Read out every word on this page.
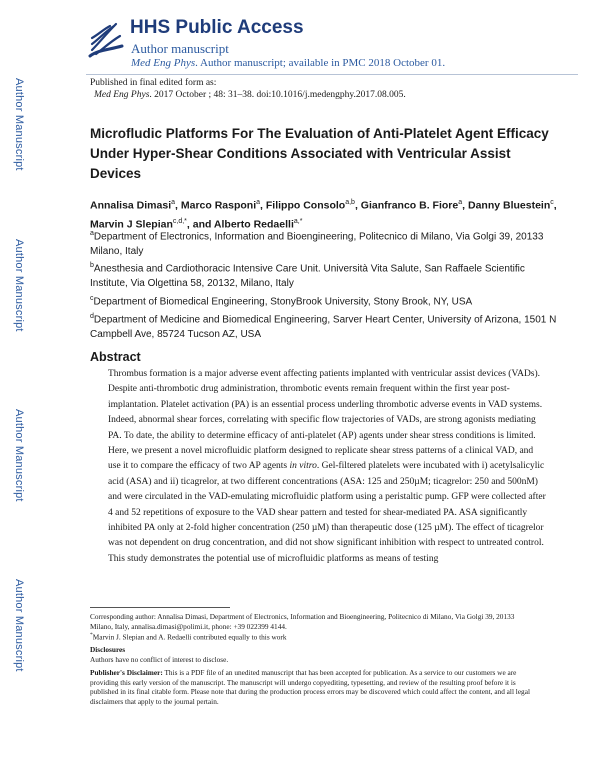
Author Manuscript
Author Manuscript
Author Manuscript
Author Manuscript
HHS Public Access
Author manuscript
Med Eng Phys. Author manuscript; available in PMC 2018 October 01.
Published in final edited form as:
Med Eng Phys. 2017 October ; 48: 31–38. doi:10.1016/j.medengphy.2017.08.005.
Microfludic Platforms For The Evaluation of Anti-Platelet Agent Efficacy Under Hyper-Shear Conditions Associated with Ventricular Assist Devices
Annalisa Dimasi$^a$, Marco Rasponi$^a$, Filippo Consolo$^{a,b}$, Gianfranco B. Fiore$^a$, Danny Bluestein$^c$, Marvin J Slepian$^{c,d,*}$, and Alberto Redaelli$^{a,*}$
$^a$Department of Electronics, Information and Bioengineering, Politecnico di Milano, Via Golgi 39, 20133 Milano, Italy
$^b$Anesthesia and Cardiothoracic Intensive Care Unit. Università Vita Salute, San Raffaele Scientific Institute, Via Olgettina 58, 20132, Milano, Italy
$^c$Department of Biomedical Engineering, StonyBrook University, Stony Brook, NY, USA
$^d$Department of Medicine and Biomedical Engineering, Sarver Heart Center, University of Arizona, 1501 N Campbell Ave, 85724 Tucson AZ, USA
Abstract
Thrombus formation is a major adverse event affecting patients implanted with ventricular assist devices (VADs). Despite anti-thrombotic drug administration, thrombotic events remain frequent within the first year post-implantation. Platelet activation (PA) is an essential process underling thrombotic adverse events in VAD systems. Indeed, abnormal shear forces, correlating with specific flow trajectories of VADs, are strong agonists mediating PA. To date, the ability to determine efficacy of anti-platelet (AP) agents under shear stress conditions is limited. Here, we present a novel microfluidic platform designed to replicate shear stress patterns of a clinical VAD, and use it to compare the efficacy of two AP agents in vitro. Gel-filtered platelets were incubated with i) acetylsalicylic acid (ASA) and ii) ticagrelor, at two different concentrations (ASA: 125 and 250µM; ticagrelor: 250 and 500nM) and were circulated in the VAD-emulating microfluidic platform using a peristaltic pump. GFP were collected after 4 and 52 repetitions of exposure to the VAD shear pattern and tested for shear-mediated PA. ASA significantly inhibited PA only at 2-fold higher concentration (250 µM) than therapeutic dose (125 µM). The effect of ticagrelor was not dependent on drug concentration, and did not show significant inhibition with respect to untreated control. This study demonstrates the potential use of microfluidic platforms as means of testing
Corresponding author: Annalisa Dimasi, Department of Electronics, Information and Bioengineering, Politecnico di Milano, Via Golgi 39, 20133 Milano, Italy, annalisa.dimasi@polimi.it, phone: +39 022399 4144.
*Marvin J. Slepian and A. Redaelli contributed equally to this work
Disclosures
Authors have no conflict of interest to disclose.
Publisher's Disclaimer: This is a PDF file of an unedited manuscript that has been accepted for publication. As a service to our customers we are providing this early version of the manuscript. The manuscript will undergo copyediting, typesetting, and review of the resulting proof before it is published in its final citable form. Please note that during the production process errors may be discovered which could affect the content, and all legal disclaimers that apply to the journal pertain.
